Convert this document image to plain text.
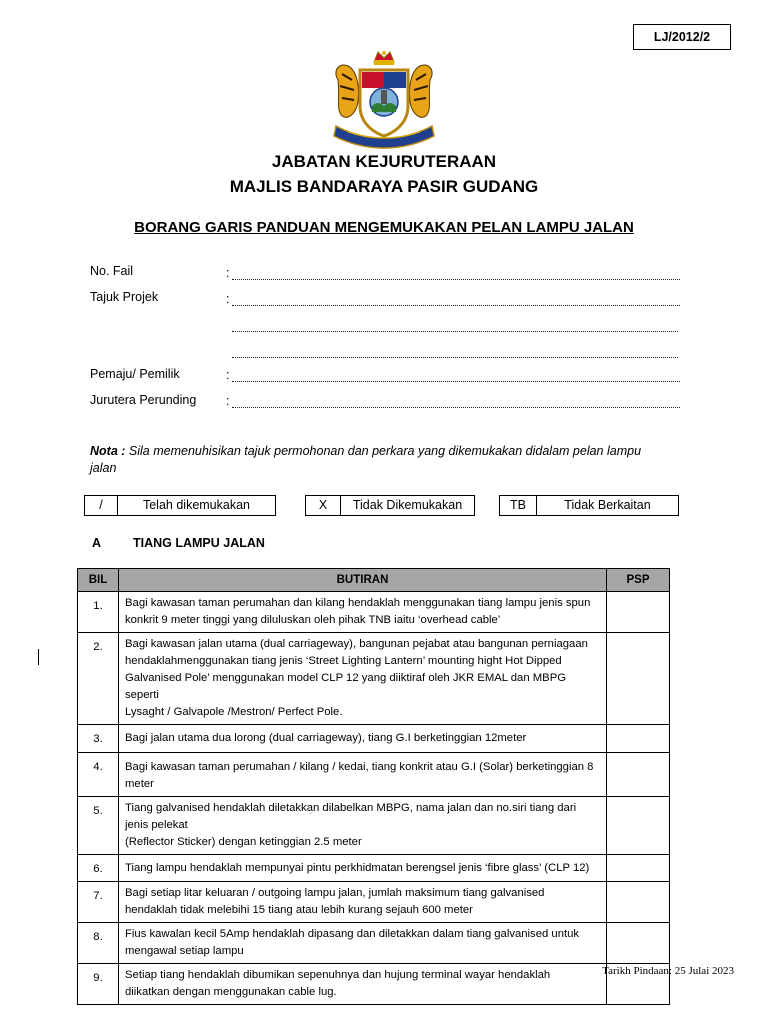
LJ/2012/2
JABATAN KEJURUTERAAN
MAJLIS BANDARAYA PASIR GUDANG
BORANG GARIS PANDUAN MENGEMUKAKAN PELAN LAMPU JALAN
No. Fail	:
Tajuk Projek	:
Pemaju/ Pemilik	:
Jurutera Perunding :
Nota : Sila memenuhisikan tajuk permohonan dan perkara yang dikemukakan didalam pelan lampu jalan
/	Telah dikemukakan	X	Tidak Dikemukakan	TB	Tidak Berkaitan
A	TIANG LAMPU JALAN
BIL	BUTIRAN	PSP
1.	Bagi kawasan taman perumahan dan kilang hendaklah menggunakan tiang lampu jenis spun
konkrit 9 meter tinggi yang diluluskan oleh pihak TNB iaitu ‘overhead cable’	

2.	Bagi kawasan jalan utama (dual carriageway), bangunan pejabat atau bangunan perniagaan
hendaklahmenggunakan tiang jenis ‘Street Lighting Lantern’ mounting hight Hot Dipped
Galvanised Pole’ menggunakan model CLP 12 yang diiktiraf oleh JKR EMAL dan MBPG seperti
Lysaght / Galvapole /Mestron/ Perfect Pole.	

3.	Bagi jalan utama dua lorong (dual carriageway), tiang G.I berketinggian 12meter	

4.	Bagi kawasan taman perumahan / kilang / kedai, tiang konkrit atau G.I (Solar) berketinggian 8
meter	

5.	Tiang galvanised hendaklah diletakkan dilabelkan MBPG, nama jalan dan no.siri tiang dari
jenis pelekat
(Reflector Sticker) dengan ketinggian 2.5 meter	

6.	Tiang lampu hendaklah mempunyai pintu perkhidmatan berengsel jenis ‘fibre glass’ (CLP 12)	

7.	Bagi setiap litar keluaran / outgoing lampu jalan, jumlah maksimum tiang galvanised
hendaklah tidak melebihi 15 tiang atau lebih kurang sejauh 600 meter	

8.	Fius kawalan kecil 5Amp hendaklah dipasang dan diletakkan dalam tiang galvanised untuk
mengawal setiap lampu	

9.	Setiap tiang hendaklah dibumikan sepenuhnya dan hujung terminal wayar hendaklah
diikatkan dengan menggunakan cable lug.	

Tarikh Pindaan: 25 Julai 2023
